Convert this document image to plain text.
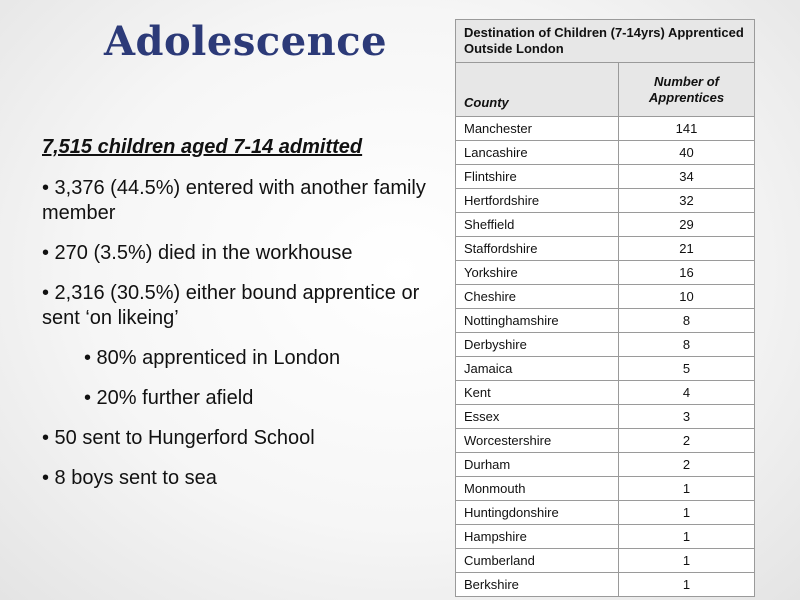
Adolescence
7,515 children aged 7-14 admitted
• 3,376 (44.5%) entered with another family member
• 270 (3.5%) died in the workhouse
• 2,316 (30.5%) either bound apprentice or sent ‘on likeing’
• 80% apprenticed in London
• 20% further afield
• 50 sent to Hungerford School
• 8 boys sent to sea
Destination of Children (7-14yrs) Apprenticed Outside London	
County	Number of Apprentices
Manchester	141
Lancashire	40
Flintshire	34
Hertfordshire	32
Sheffield	29
Staffordshire	21
Yorkshire	16
Cheshire	10
Nottinghamshire	8
Derbyshire	8
Jamaica	5
Kent	4
Essex	3
Worcestershire	2
Durham	2
Monmouth	1
Huntingdonshire	1
Hampshire	1
Cumberland	1
Berkshire	1
